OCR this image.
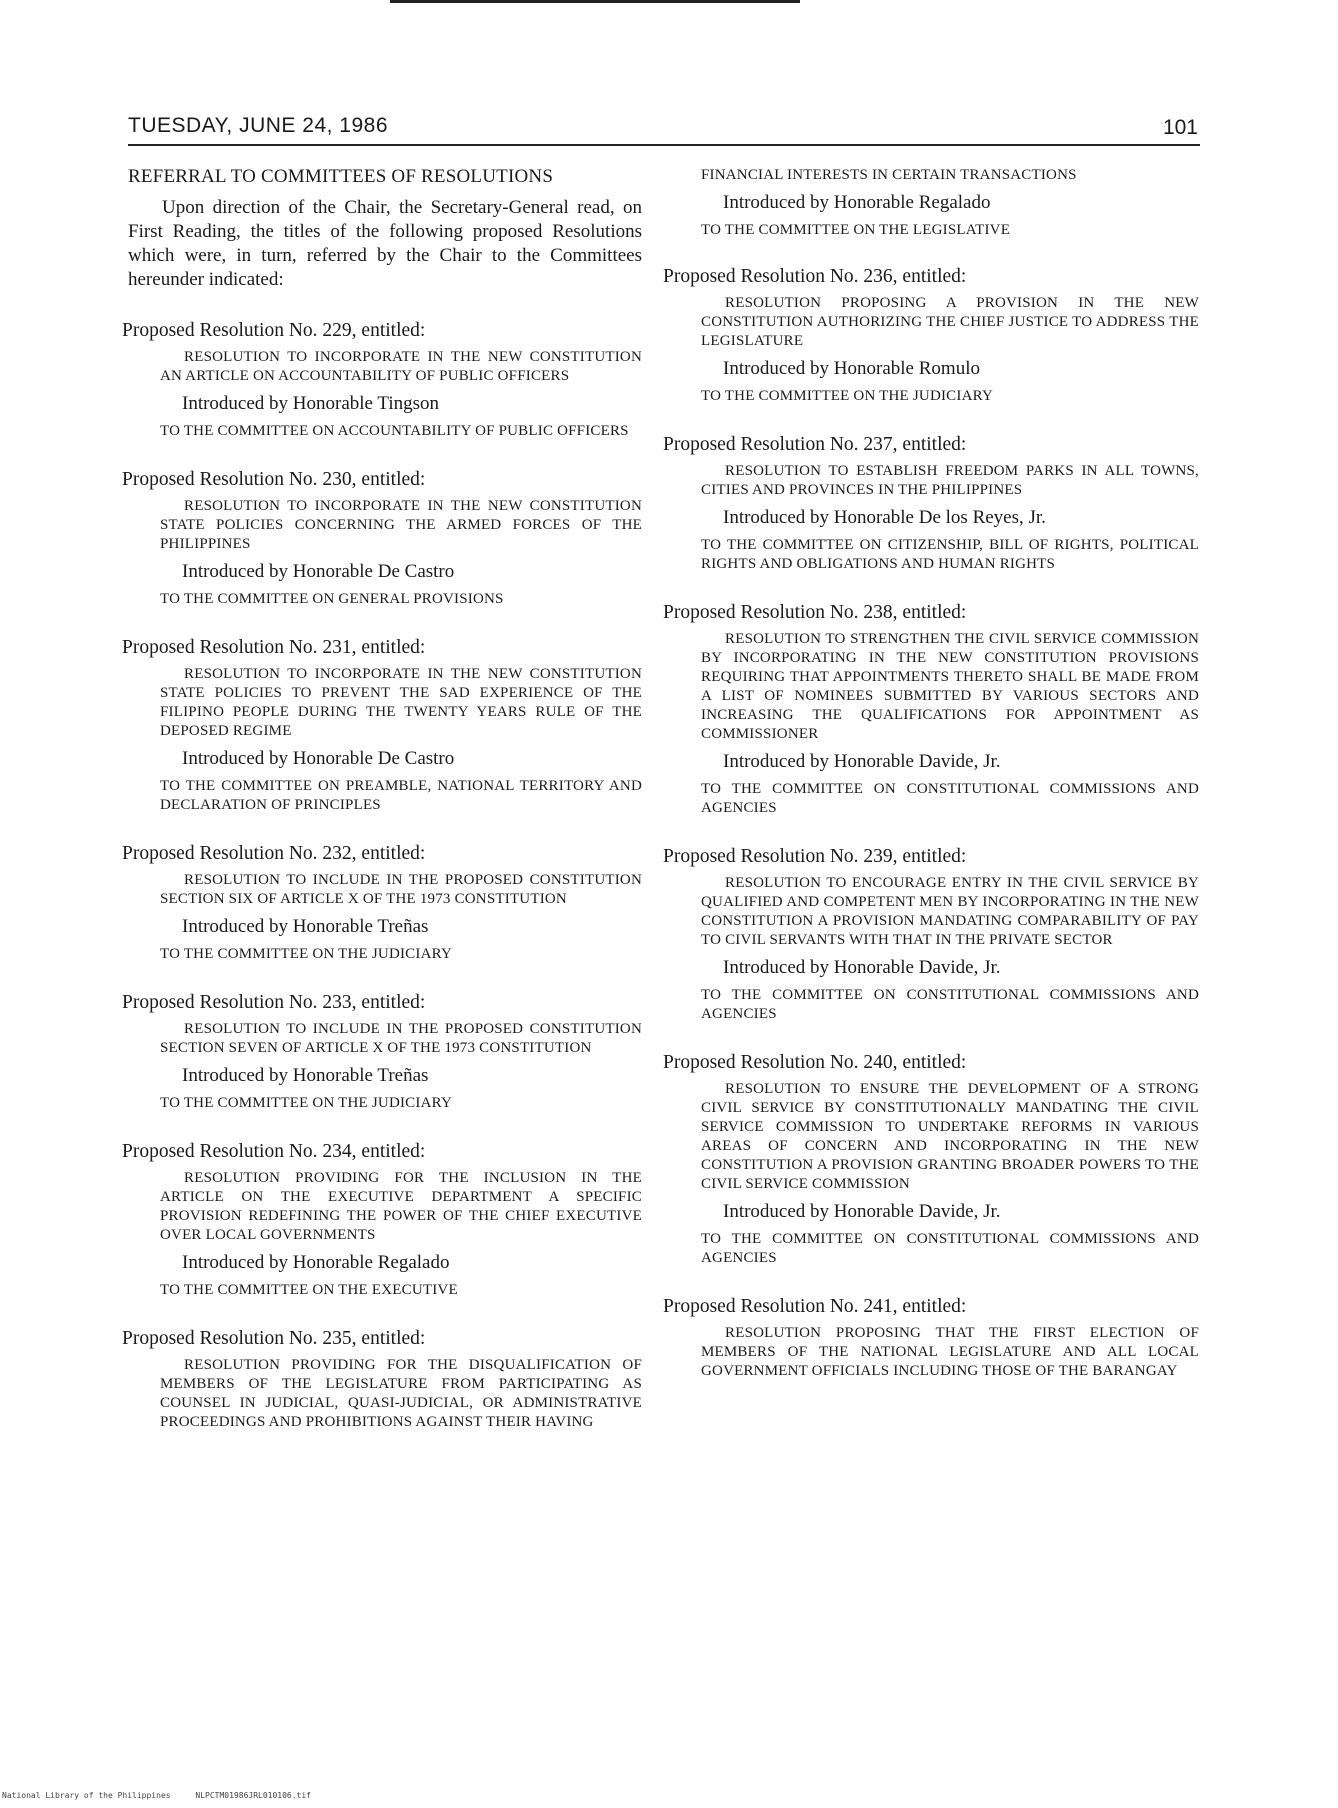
TUESDAY, JUNE 24, 1986	101
REFERRAL TO COMMITTEES OF RESOLUTIONS
Upon direction of the Chair, the Secretary-General read, on First Reading, the titles of the following proposed Resolutions which were, in turn, referred by the Chair to the Committees hereunder indicated:
Proposed Resolution No. 229, entitled:
RESOLUTION TO INCORPORATE IN THE NEW CONSTITUTION AN ARTICLE ON ACCOUNTABILITY OF PUBLIC OFFICERS
Introduced by Honorable Tingson
TO THE COMMITTEE ON ACCOUNTABILITY OF PUBLIC OFFICERS
Proposed Resolution No. 230, entitled:
RESOLUTION TO INCORPORATE IN THE NEW CONSTITUTION STATE POLICIES CONCERNING THE ARMED FORCES OF THE PHILIPPINES
Introduced by Honorable De Castro
TO THE COMMITTEE ON GENERAL PROVISIONS
Proposed Resolution No. 231, entitled:
RESOLUTION TO INCORPORATE IN THE NEW CONSTITUTION STATE POLICIES TO PREVENT THE SAD EXPERIENCE OF THE FILIPINO PEOPLE DURING THE TWENTY YEARS RULE OF THE DEPOSED REGIME
Introduced by Honorable De Castro
TO THE COMMITTEE ON PREAMBLE, NATIONAL TERRITORY AND DECLARATION OF PRINCIPLES
Proposed Resolution No. 232, entitled:
RESOLUTION TO INCLUDE IN THE PROPOSED CONSTITUTION SECTION SIX OF ARTICLE X OF THE 1973 CONSTITUTION
Introduced by Honorable Treñas
TO THE COMMITTEE ON THE JUDICIARY
Proposed Resolution No. 233, entitled:
RESOLUTION TO INCLUDE IN THE PROPOSED CONSTITUTION SECTION SEVEN OF ARTICLE X OF THE 1973 CONSTITUTION
Introduced by Honorable Treñas
TO THE COMMITTEE ON THE JUDICIARY
Proposed Resolution No. 234, entitled:
RESOLUTION PROVIDING FOR THE INCLUSION IN THE ARTICLE ON THE EXECUTIVE DEPARTMENT A SPECIFIC PROVISION REDEFINING THE POWER OF THE CHIEF EXECUTIVE OVER LOCAL GOVERNMENTS
Introduced by Honorable Regalado
TO THE COMMITTEE ON THE EXECUTIVE
Proposed Resolution No. 235, entitled:
RESOLUTION PROVIDING FOR THE DISQUALIFICATION OF MEMBERS OF THE LEGISLATURE FROM PARTICIPATING AS COUNSEL IN JUDICIAL, QUASI-JUDICIAL, OR ADMINISTRATIVE PROCEEDINGS AND PROHIBITIONS AGAINST THEIR HAVING
FINANCIAL INTERESTS IN CERTAIN TRANSACTIONS
Introduced by Honorable Regalado
TO THE COMMITTEE ON THE LEGISLATIVE
Proposed Resolution No. 236, entitled:
RESOLUTION PROPOSING A PROVISION IN THE NEW CONSTITUTION AUTHORIZING THE CHIEF JUSTICE TO ADDRESS THE LEGISLATURE
Introduced by Honorable Romulo
TO THE COMMITTEE ON THE JUDICIARY
Proposed Resolution No. 237, entitled:
RESOLUTION TO ESTABLISH FREEDOM PARKS IN ALL TOWNS, CITIES AND PROVINCES IN THE PHILIPPINES
Introduced by Honorable De los Reyes, Jr.
TO THE COMMITTEE ON CITIZENSHIP, BILL OF RIGHTS, POLITICAL RIGHTS AND OBLIGATIONS AND HUMAN RIGHTS
Proposed Resolution No. 238, entitled:
RESOLUTION TO STRENGTHEN THE CIVIL SERVICE COMMISSION BY INCORPORATING IN THE NEW CONSTITUTION PROVISIONS REQUIRING THAT APPOINTMENTS THERETO SHALL BE MADE FROM A LIST OF NOMINEES SUBMITTED BY VARIOUS SECTORS AND INCREASING THE QUALIFICATIONS FOR APPOINTMENT AS COMMISSIONER
Introduced by Honorable Davide, Jr.
TO THE COMMITTEE ON CONSTITUTIONAL COMMISSIONS AND AGENCIES
Proposed Resolution No. 239, entitled:
RESOLUTION TO ENCOURAGE ENTRY IN THE CIVIL SERVICE BY QUALIFIED AND COMPETENT MEN BY INCORPORATING IN THE NEW CONSTITUTION A PROVISION MANDATING COMPARABILITY OF PAY TO CIVIL SERVANTS WITH THAT IN THE PRIVATE SECTOR
Introduced by Honorable Davide, Jr.
TO THE COMMITTEE ON CONSTITUTIONAL COMMISSIONS AND AGENCIES
Proposed Resolution No. 240, entitled:
RESOLUTION TO ENSURE THE DEVELOPMENT OF A STRONG CIVIL SERVICE BY CONSTITUTIONALLY MANDATING THE CIVIL SERVICE COMMISSION TO UNDERTAKE REFORMS IN VARIOUS AREAS OF CONCERN AND INCORPORATING IN THE NEW CONSTITUTION A PROVISION GRANTING BROADER POWERS TO THE CIVIL SERVICE COMMISSION
Introduced by Honorable Davide, Jr.
TO THE COMMITTEE ON CONSTITUTIONAL COMMISSIONS AND AGENCIES
Proposed Resolution No. 241, entitled:
RESOLUTION PROPOSING THAT THE FIRST ELECTION OF MEMBERS OF THE NATIONAL LEGISLATURE AND ALL LOCAL GOVERNMENT OFFICIALS INCLUDING THOSE OF THE BARANGAY
National Library of the Philippines	NLPCTM01986JRL010106.tif
